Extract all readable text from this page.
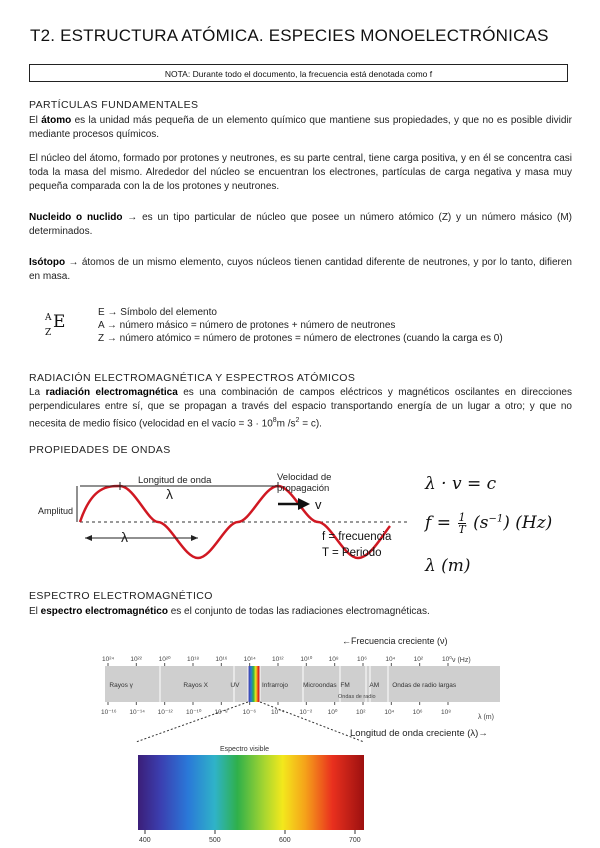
T2. ESTRUCTURA ATÓMICA. ESPECIES MONOELECTRÓNICAS
NOTA: Durante todo el documento, la frecuencia está denotada como f
PARTÍCULAS FUNDAMENTALES
El átomo es la unidad más pequeña de un elemento químico que mantiene sus propiedades, y que no es posible dividir mediante procesos químicos.
El núcleo del átomo, formado por protones y neutrones, es su parte central, tiene carga positiva, y en él se concentra casi toda la masa del mismo. Alrededor del núcleo se encuentran los electrones, partículas de carga negativa y masa muy pequeña comparada con la de los protones y neutrones.
Nucleido o nuclido → es un tipo particular de núcleo que posee un número atómico (Z) y un número másico (M) determinados.
Isótopo → átomos de un mismo elemento, cuyos núcleos tienen cantidad diferente de neutrones, y por lo tanto, difieren en masa.
A
Z
E	E → Símbolo del elemento
A → número másico = número de protones + número de neutrones
Z → número atómico = número de protones = número de electrones (cuando la carga es 0)
RADIACIÓN ELECTROMAGNÉTICA Y ESPECTROS ATÓMICOS
La radiación electromagnética es una combinación de campos eléctricos y magnéticos oscilantes en direcciones perpendiculares entre sí, que se propagan a través del espacio transportando energía de un lugar a otro; y que no necesita de medio físico (velocidad en el vacío = $3 \cdot 10^8m$ $/s^2 = c$).
PROPIEDADES DE ONDAS
Longitud de onda
λ
Amplitud
λ
Velocidad de
propagación
v
f = frecuencia
T = Periodo
λ · v = c
$f = \frac{1}{T} (s^{-1})$ (Hz)
λ (m)
ESPECTRO ELECTROMAGNÉTICO
El espectro electromagnético es el conjunto de todas las radiaciones electromagnéticas.
←Frecuencia creciente (ν)
10²⁴ 10²²	10²⁰	10¹⁸ 10¹⁶	10¹⁴ 10¹²	10¹⁰	10⁸	10⁶	10⁴	10²	10⁰ ν (Hz)
Rayos γ	Rayos X	UV	Infrarrojo Microondas FM	AM Ondas de radio largas
Ondas de radio
10⁻¹⁶ 10⁻¹⁴ 10⁻¹² 10⁻¹⁰ 10⁻⁸ 10⁻⁶ 10⁻⁴ 10⁻² 10⁰	10²	10⁴	10⁶	10⁸
λ (m)
Longitud de onda creciente (λ)→
Espectro visible
400	500	600	700
